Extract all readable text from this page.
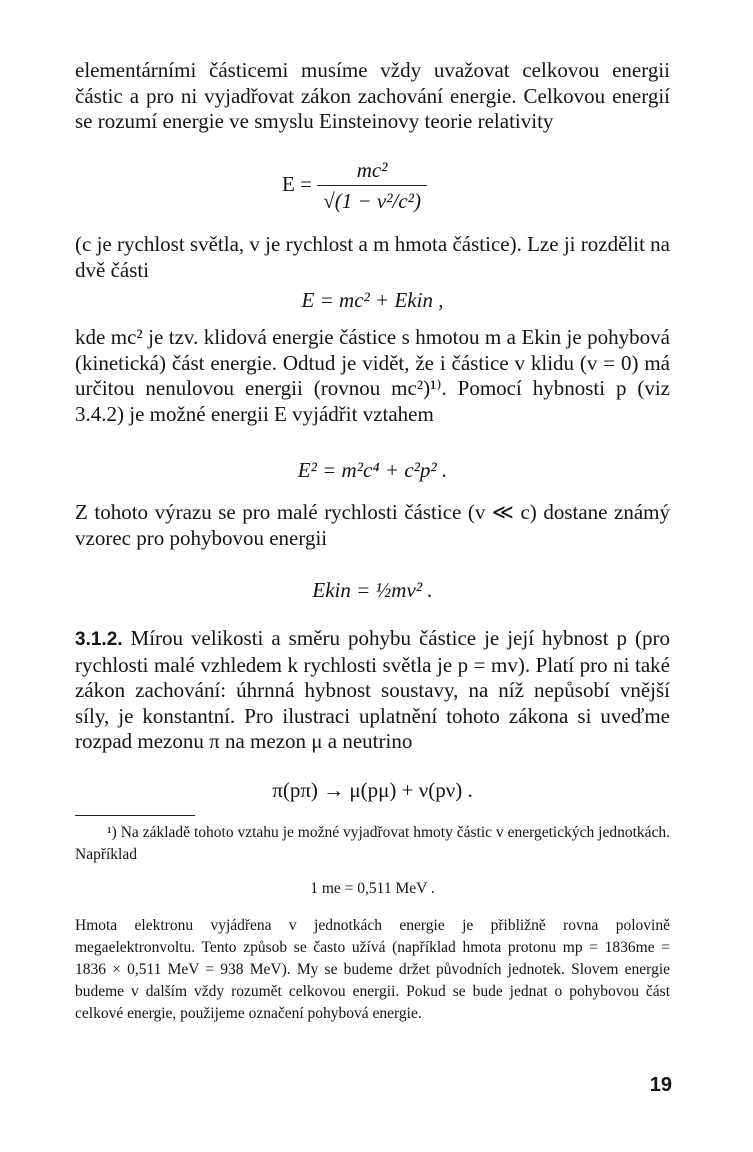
elementárními částicemi musíme vždy uvažovat celkovou energii částic a pro ni vyjadřovat zákon zachování energie. Celkovou energií se rozumí energie ve smyslu Einsteinovy teorie relativity

$E = \frac{\text{mc²}}{\text{√(1 − v²/c²)}}$

(c je rychlost světla, v je rychlost a m hmota částice). Lze ji rozdělit na dvě části

E = mc² + Ekin ,

kde mc² je tzv. klidová energie částice s hmotou m a Ekin je pohybová (kinetická) část energie. Odtud je vidět, že i částice v klidu (v = 0) má určitou nenulovou energii (rovnou mc²)¹⁾. Pomocí hybnosti p (viz 3.4.2) je možné energii E vyjádřit vztahem

E² = m²c⁴ + c²p² .

Z tohoto výrazu se pro malé rychlosti částice (v ≪ c) dostane známý vzorec pro pohybovou energii

Ekin = ½mv² .

3.1.2. Mírou velikosti a směru pohybu částice je její hybnost p (pro rychlosti malé vzhledem k rychlosti světla je p = mv). Platí pro ni také zákon zachování: úhrnná hybnost soustavy, na níž nepůsobí vnější síly, je konstantní. Pro ilustraci uplatnění tohoto zákona si uveďme rozpad mezonu π na mezon μ a neutrino

π(pπ) → μ(pμ) + ν(pν) .

¹) Na základě tohoto vztahu je možné vyjadřovat hmoty částic v energetických jednotkách. Například

1 me = 0,511 MeV .

Hmota elektronu vyjádřena v jednotkách energie je přibližně rovna polovině megaelektronvoltu. Tento způsob se často užívá (například hmota protonu mp = 1836me = 1836 × 0,511 MeV = 938 MeV). My se budeme držet původních jednotek. Slovem energie budeme v dalším vždy rozumět celkovou energii. Pokud se bude jednat o pohybovou část celkové energie, použijeme označení pohybová energie.

19
